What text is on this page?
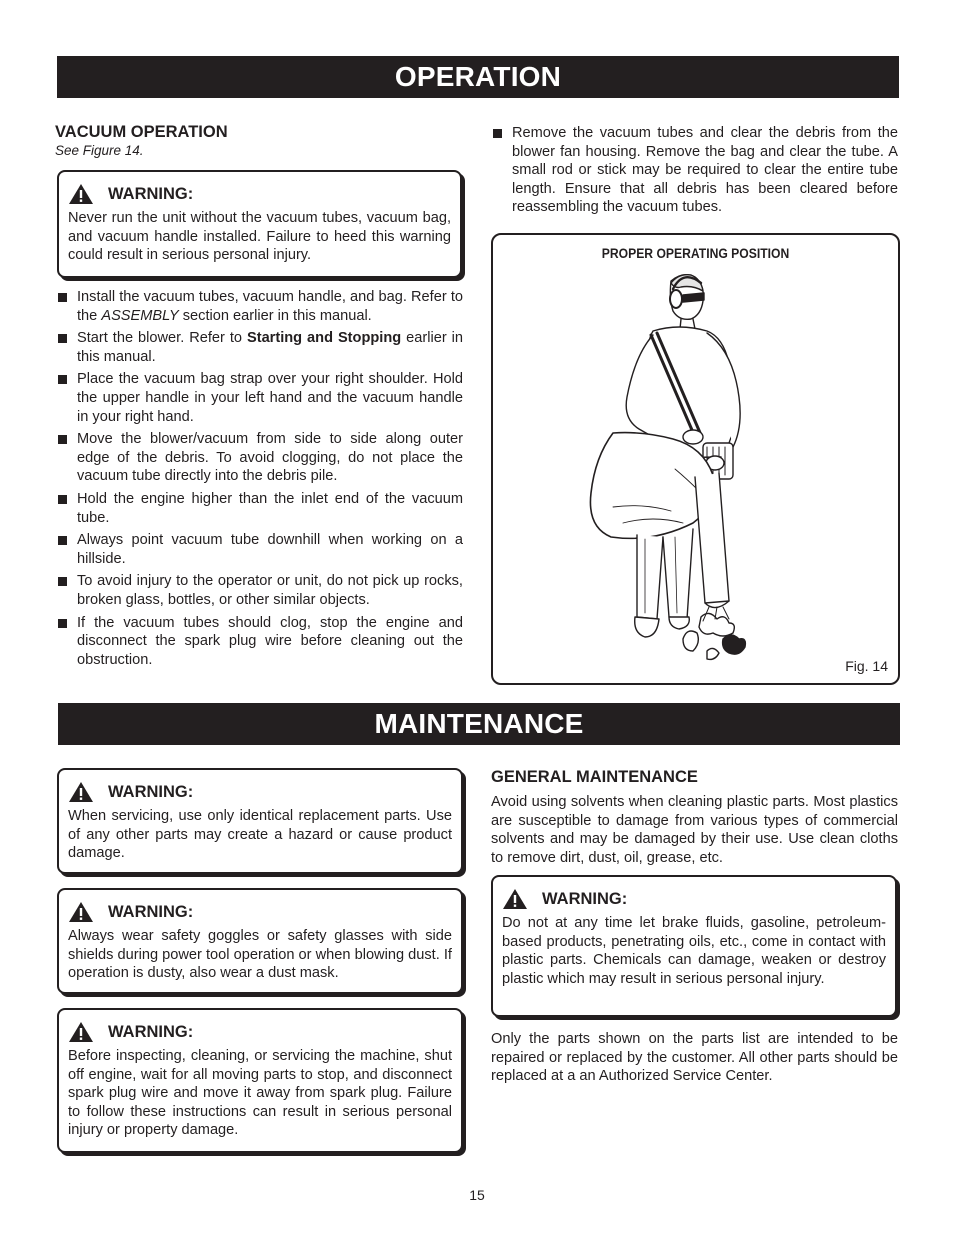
OPERATION

VACUUM OPERATION

See Figure 14.

WARNING:

Never run the unit without the vacuum tubes, vacuum bag, and vacuum handle installed. Failure to heed this warning could result in serious personal injury.

Install the vacuum tubes, vacuum handle, and bag. Refer to the ASSEMBLY section earlier in this manual.
Start the blower. Refer to Starting and Stopping earlier in this manual.
Place the vacuum bag strap over your right shoulder. Hold the upper handle in your left hand and the vacuum handle in your right hand.
Move the blower/vacuum from side to side along outer edge of the debris. To avoid clogging, do not place the vacuum tube directly into the debris pile.
Hold the engine higher than the inlet end of the vacuum tube.
Always point vacuum tube downhill when working on a hillside.
To avoid injury to the operator or unit, do not pick up rocks, broken glass, bottles, or other similar objects.
If the vacuum tubes should clog, stop the engine and disconnect the spark plug wire before cleaning out the obstruction.
Remove the vacuum tubes and clear the debris from the blower fan housing. Remove the bag and clear the tube. A small rod or stick may be required to clear the entire tube length. Ensure that all debris has been cleared before reassembling the vacuum tubes.
PROPER OPERATING POSITION
Fig. 14
MAINTENANCE
WARNING:

When servicing, use only identical replacement parts. Use of any other parts may create a hazard or cause product damage.

WARNING:

Always wear safety goggles or safety glasses with side shields during power tool operation or when blowing dust. If operation is dusty, also wear a dust mask.

WARNING:

Before inspecting, cleaning, or servicing the machine, shut off engine, wait for all moving parts to stop, and disconnect spark plug wire and move it away from spark plug. Failure to follow these instructions can result in serious personal injury or property damage.

GENERAL MAINTENANCE

Avoid using solvents when cleaning plastic parts. Most plastics are susceptible to damage from various types of commercial solvents and may be damaged by their use. Use clean cloths to remove dirt, dust, oil, grease, etc.

WARNING:

Do not at any time let brake fluids, gasoline, petroleum-based products, penetrating oils, etc., come in contact with plastic parts. Chemicals can damage, weaken or destroy plastic which may result in serious personal injury.

Only the parts shown on the parts list are intended to be repaired or replaced by the customer. All other parts should be replaced at a an Authorized Service Center.

15
